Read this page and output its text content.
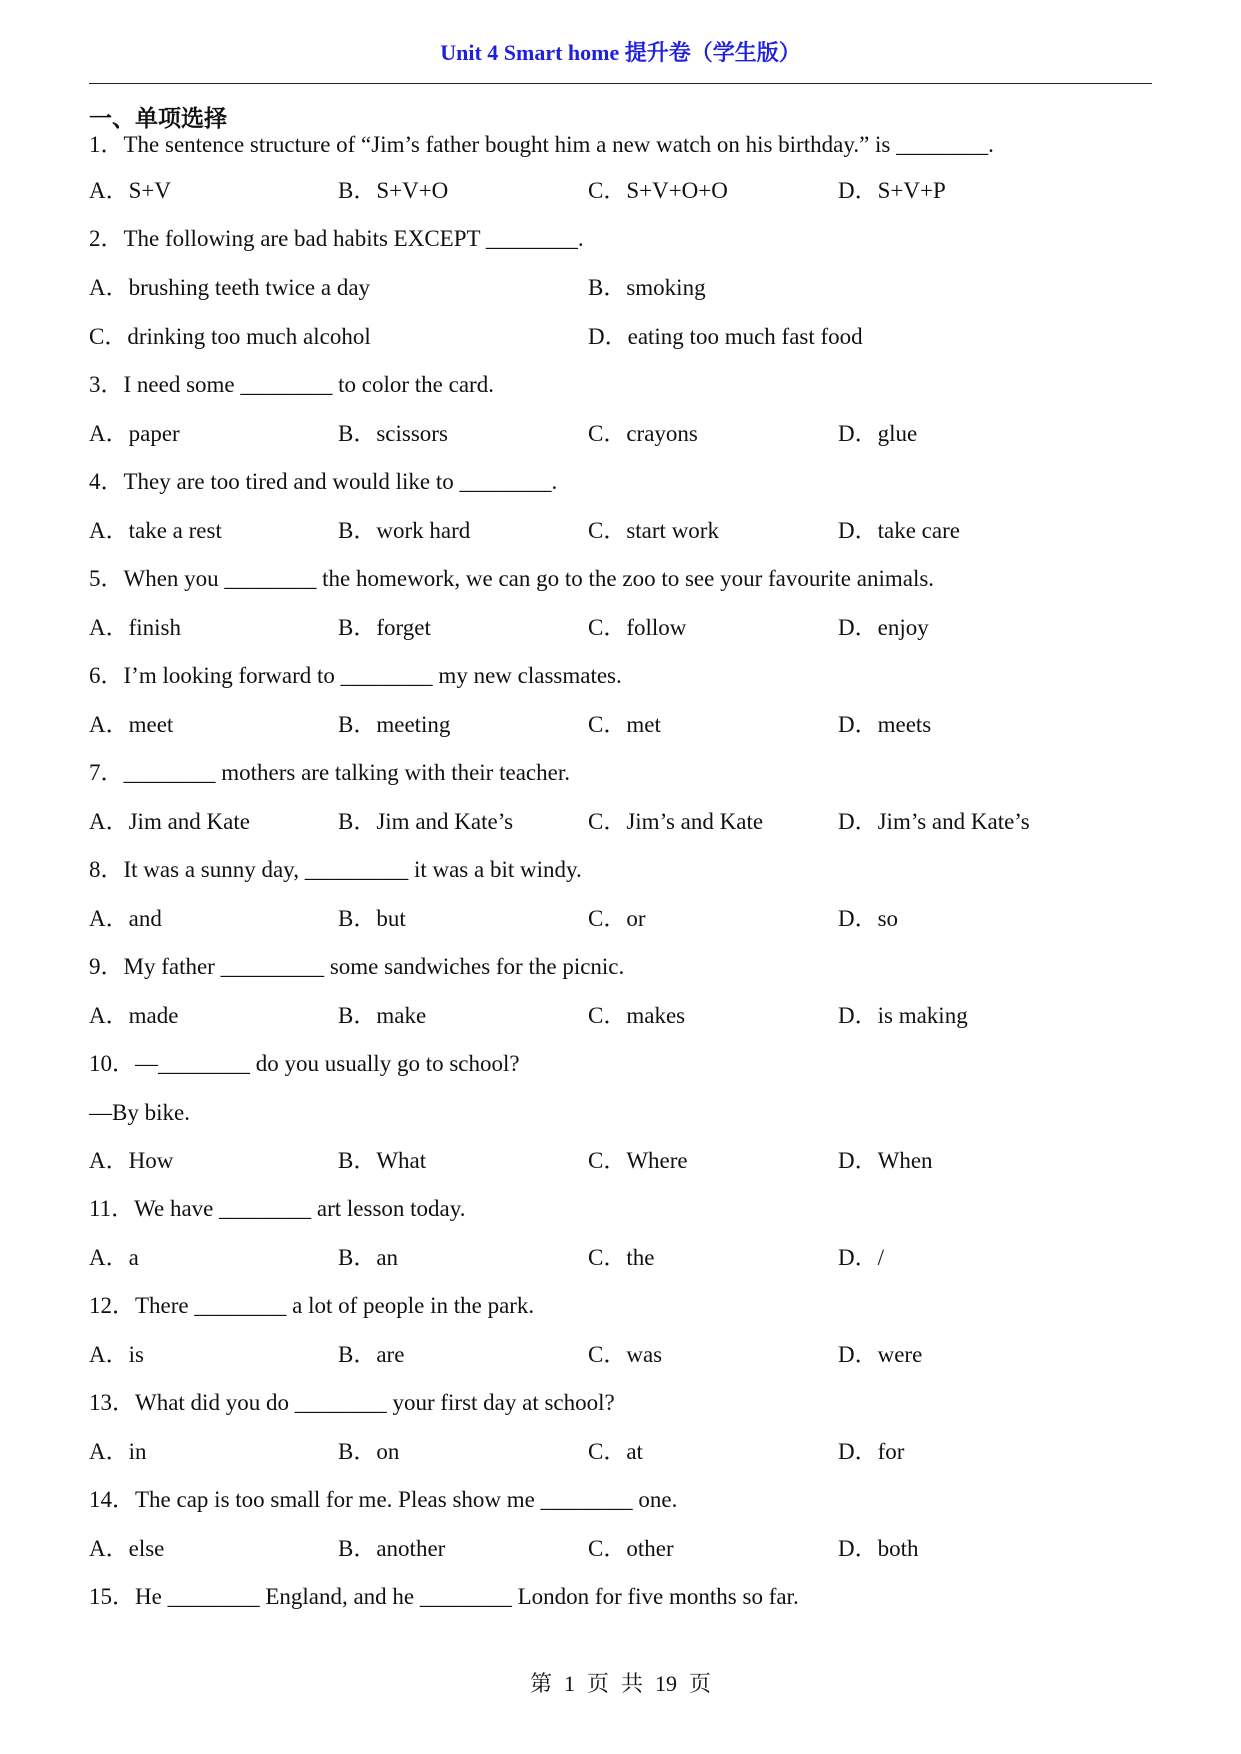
Unit 4 Smart home 提升卷（学生版）
一、单项选择
1．The sentence structure of “Jim’s father bought him a new watch on his birthday.” is ________.
A．S+V	B．S+V+O	C．S+V+O+O	D．S+V+P
2．The following are bad habits EXCEPT ________.
A．brushing teeth twice a day	B．smoking
C．drinking too much alcohol	D．eating too much fast food
3．I need some ________ to color the card.
A．paper	B．scissors	C．crayons	D．glue
4．They are too tired and would like to ________.
A．take a rest	B．work hard	C．start work	D．take care
5．When you ________ the homework, we can go to the zoo to see your favourite animals.
A．finish	B．forget	C．follow	D．enjoy
6．I’m looking forward to ________ my new classmates.
A．meet	B．meeting	C．met	D．meets
7．________ mothers are talking with their teacher.
A．Jim and Kate	B．Jim and Kate’s	C．Jim’s and Kate	D．Jim’s and Kate’s
8．It was a sunny day, _________ it was a bit windy.
A．and	B．but	C．or	D．so
9．My father _________ some sandwiches for the picnic.
A．made	B．make	C．makes	D．is making
10．—________ do you usually go to school?
—By bike.
A．How	B．What	C．Where	D．When
11．We have ________ art lesson today.
A．a	B．an	C．the	D．/
12．There ________ a lot of people in the park.
A．is	B．are	C．was	D．were
13．What did you do ________ your first day at school?
A．in	B．on	C．at	D．for
14．The cap is too small for me. Pleas show me ________ one.
A．else	B．another	C．other	D．both
15．He ________ England, and he ________ London for five months so far.
第 1 页 共 19 页
